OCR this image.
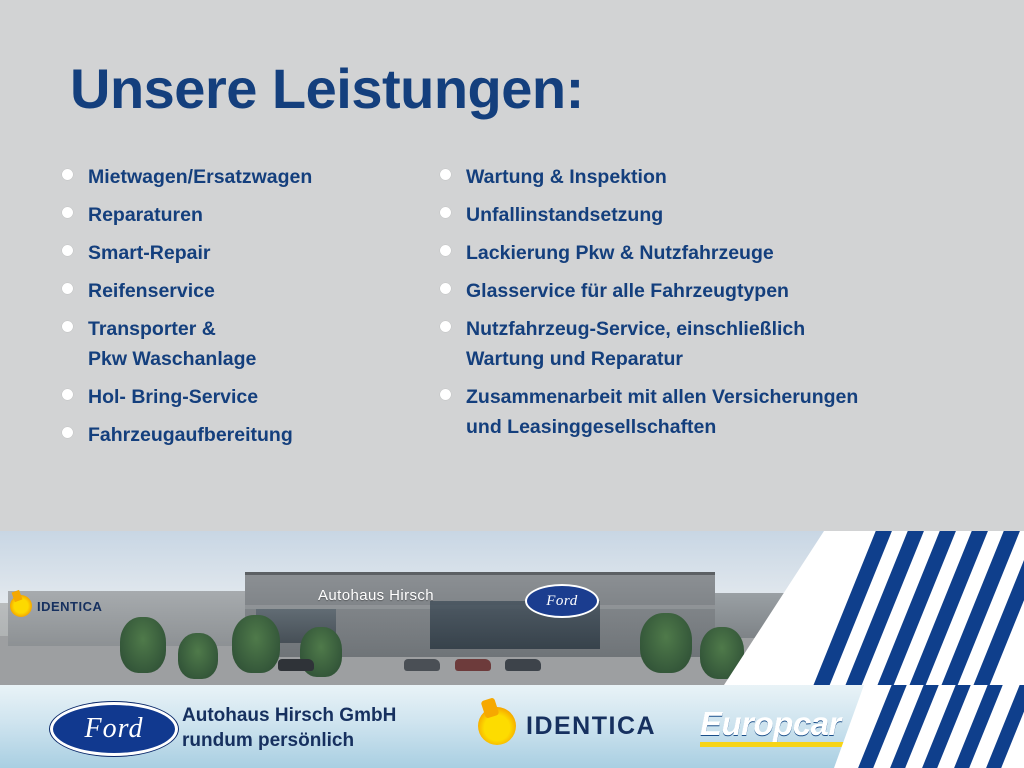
Unsere Leistungen:
Mietwagen/Ersatzwagen
Reparaturen
Smart-Repair
Reifenservice
Transporter &
Pkw Waschanlage
Hol- Bring-Service
Fahrzeugaufbereitung
Wartung & Inspektion
Unfallinstandsetzung
Lackierung Pkw & Nutzfahrzeuge
Glasservice für alle Fahrzeugtypen
Nutzfahrzeug-Service, einschließlich
Wartung und Reparatur
Zusammenarbeit mit allen Versicherungen
und Leasinggesellschaften
IDENTICA
Autohaus Hirsch	Ford
Ford Autohaus Hirsch GmbH
rundum persönlich
IDENTICA Europcar
